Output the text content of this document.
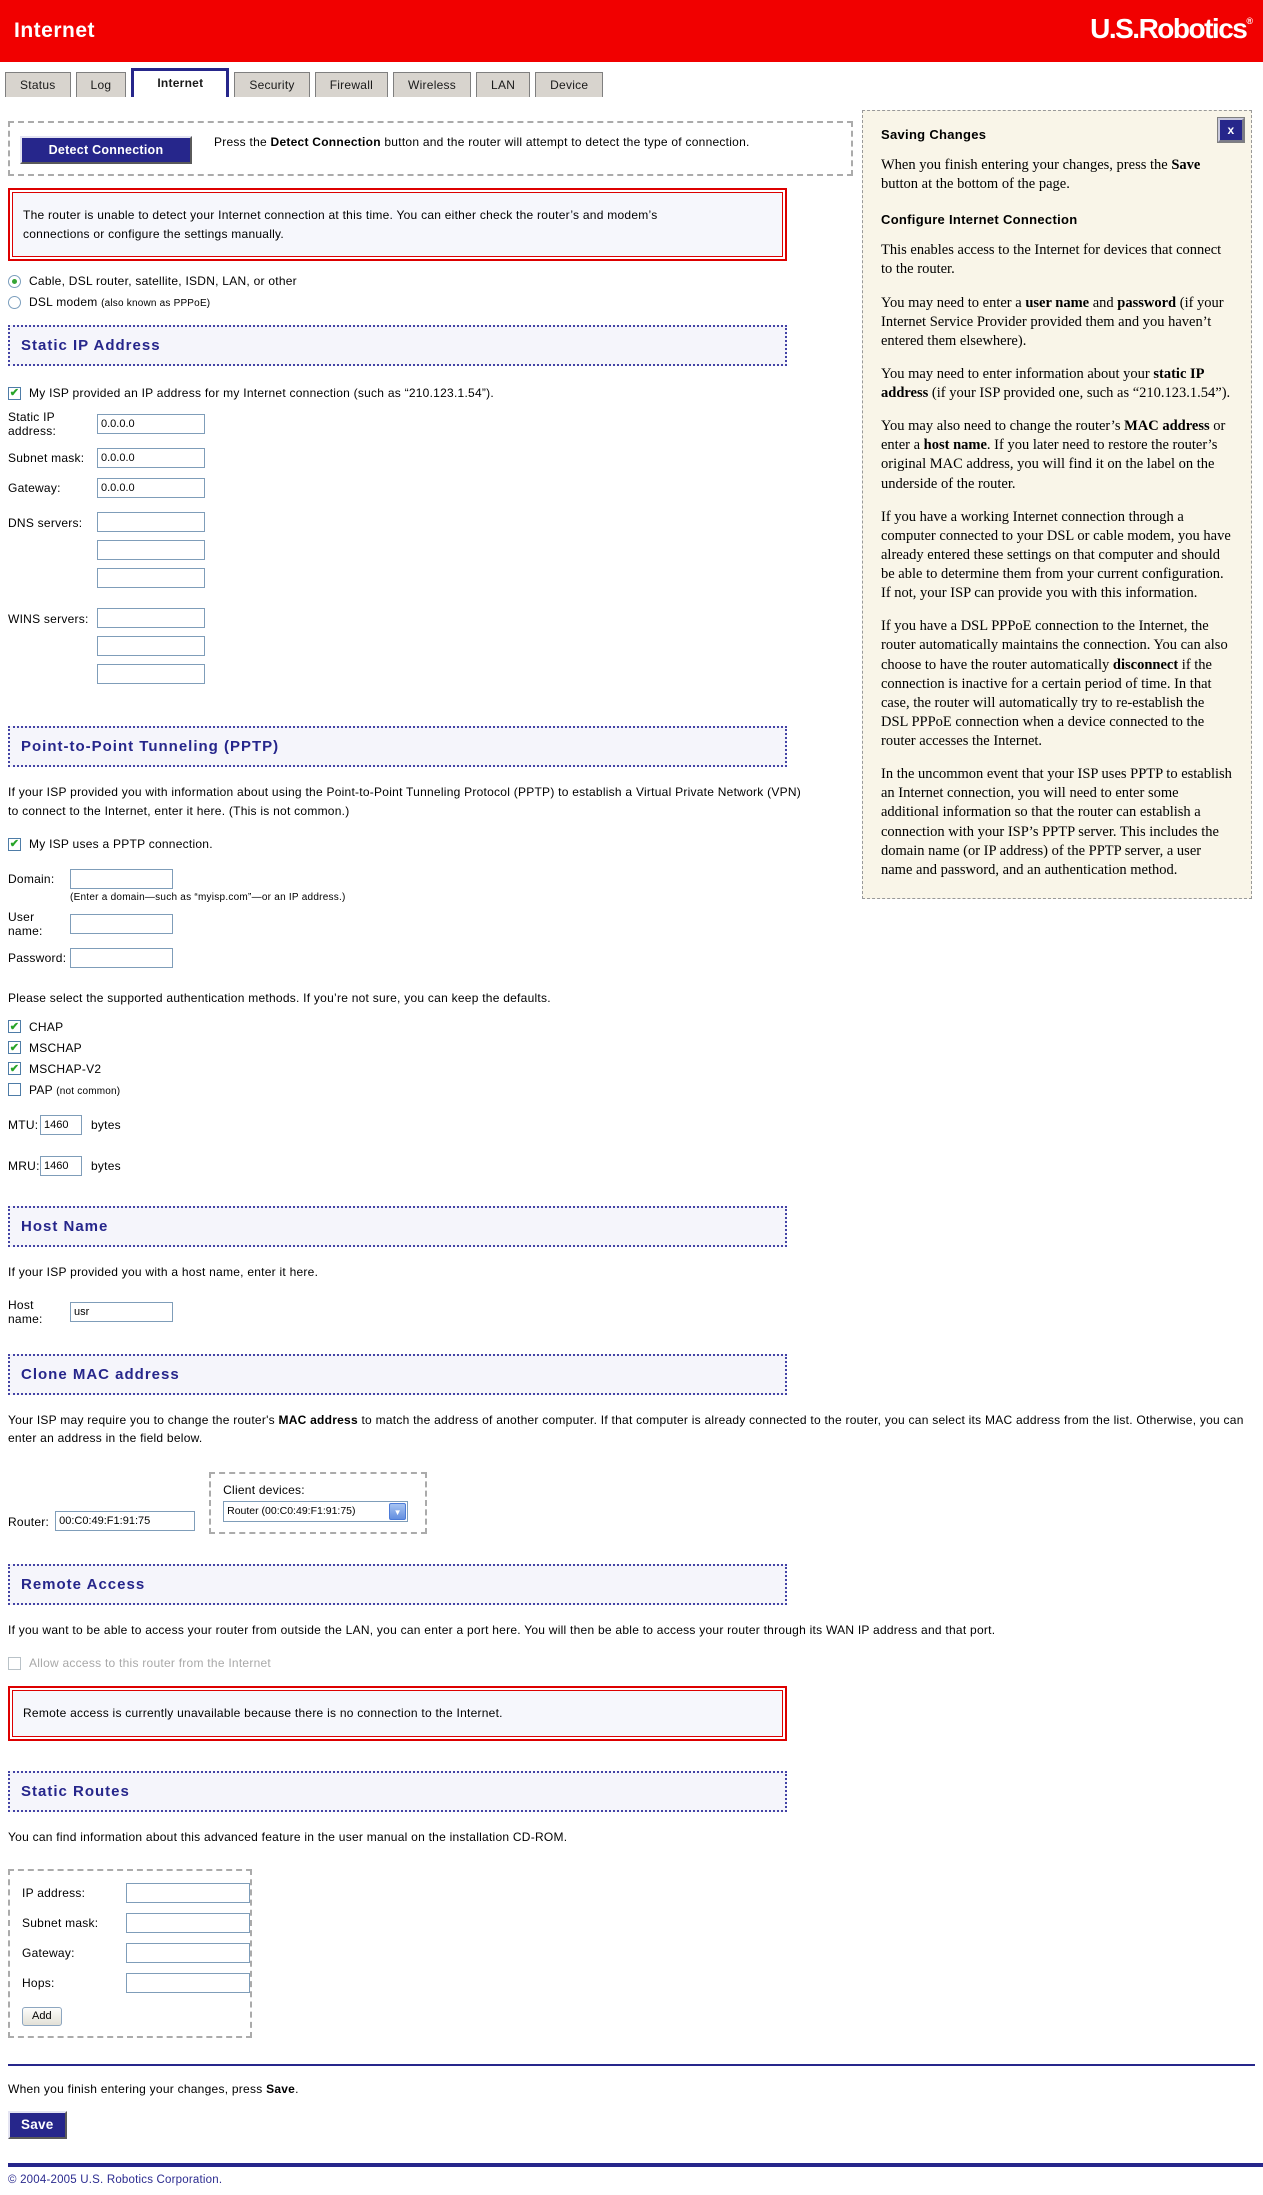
Internet	U.S.Robotics®
Status	Log	Internet	Security	Firewall	Wireless	LAN	Device
Detect Connection
Press the Detect Connection button and the router will attempt to detect the type of connection.
The router is unable to detect your Internet connection at this time. You can either check the router’s and modem’s connections or configure the settings manually.
Cable, DSL router, satellite, ISDN, LAN, or other
DSL modem (also known as PPPoE)
Static IP Address
✔ My ISP provided an IP address for my Internet connection (such as “210.123.1.54”).
Static IP address:
0.0.0.0
Subnet mask:
0.0.0.0
Gateway:
0.0.0.0
DNS servers:
WINS servers:
Point-to-Point Tunneling (PPTP)
If your ISP provided you with information about using the Point-to-Point Tunneling Protocol (PPTP) to establish a Virtual Private Network (VPN) to connect to the Internet, enter it here. (This is not common.)
✔ My ISP uses a PPTP connection.
Domain:
(Enter a domain—such as “myisp.com”—or an IP address.)
User name:
Password:
Please select the supported authentication methods. If you’re not sure, you can keep the defaults.
✔ CHAP
✔ MSCHAP
✔ MSCHAP-V2
PAP (not common)
MTU:
1460	bytes
MRU:
1460	bytes
Host Name
If your ISP provided you with a host name, enter it here.
Host name:
usr
Clone MAC address
Your ISP may require you to change the router's MAC address to match the address of another computer. If that computer is already connected to the router, you can select its MAC address from the list. Otherwise, you can enter an address in the field below.
Router:
00:C0:49:F1:91:75
Client devices:
Router (00:C0:49:F1:91:75)	▼
Remote Access
If you want to be able to access your router from outside the LAN, you can enter a port here. You will then be able to access your router through its WAN IP address and that port.
Allow access to this router from the Internet
Remote access is currently unavailable because there is no connection to the Internet.
Static Routes
You can find information about this advanced feature in the user manual on the installation CD-ROM.
IP address:
Subnet mask:
Gateway:
Hops:
Add
When you finish entering your changes, press Save.
Save
© 2004-2005 U.S. Robotics Corporation.
x
Saving Changes

When you finish entering your changes, press the Save button at the bottom of the page.

Configure Internet Connection

This enables access to the Internet for devices that connect to the router.

You may need to enter a user name and password (if your Internet Service Provider provided them and you haven’t entered them elsewhere).

You may need to enter information about your static IP address (if your ISP provided one, such as “210.123.1.54”).

You may also need to change the router’s MAC address or enter a host name. If you later need to restore the router’s original MAC address, you will find it on the label on the underside of the router.

If you have a working Internet connection through a computer connected to your DSL or cable modem, you have already entered these settings on that computer and should be able to determine them from your current configuration. If not, your ISP can provide you with this information.

If you have a DSL PPPoE connection to the Internet, the router automatically maintains the connection. You can also choose to have the router automatically disconnect if the connection is inactive for a certain period of time. In that case, the router will automatically try to re-establish the DSL PPPoE connection when a device connected to the router accesses the Internet.

In the uncommon event that your ISP uses PPTP to establish an Internet connection, you will need to enter some additional information so that the router can establish a connection with your ISP’s PPTP server. This includes the domain name (or IP address) of the PPTP server, a user name and password, and an authentication method.
